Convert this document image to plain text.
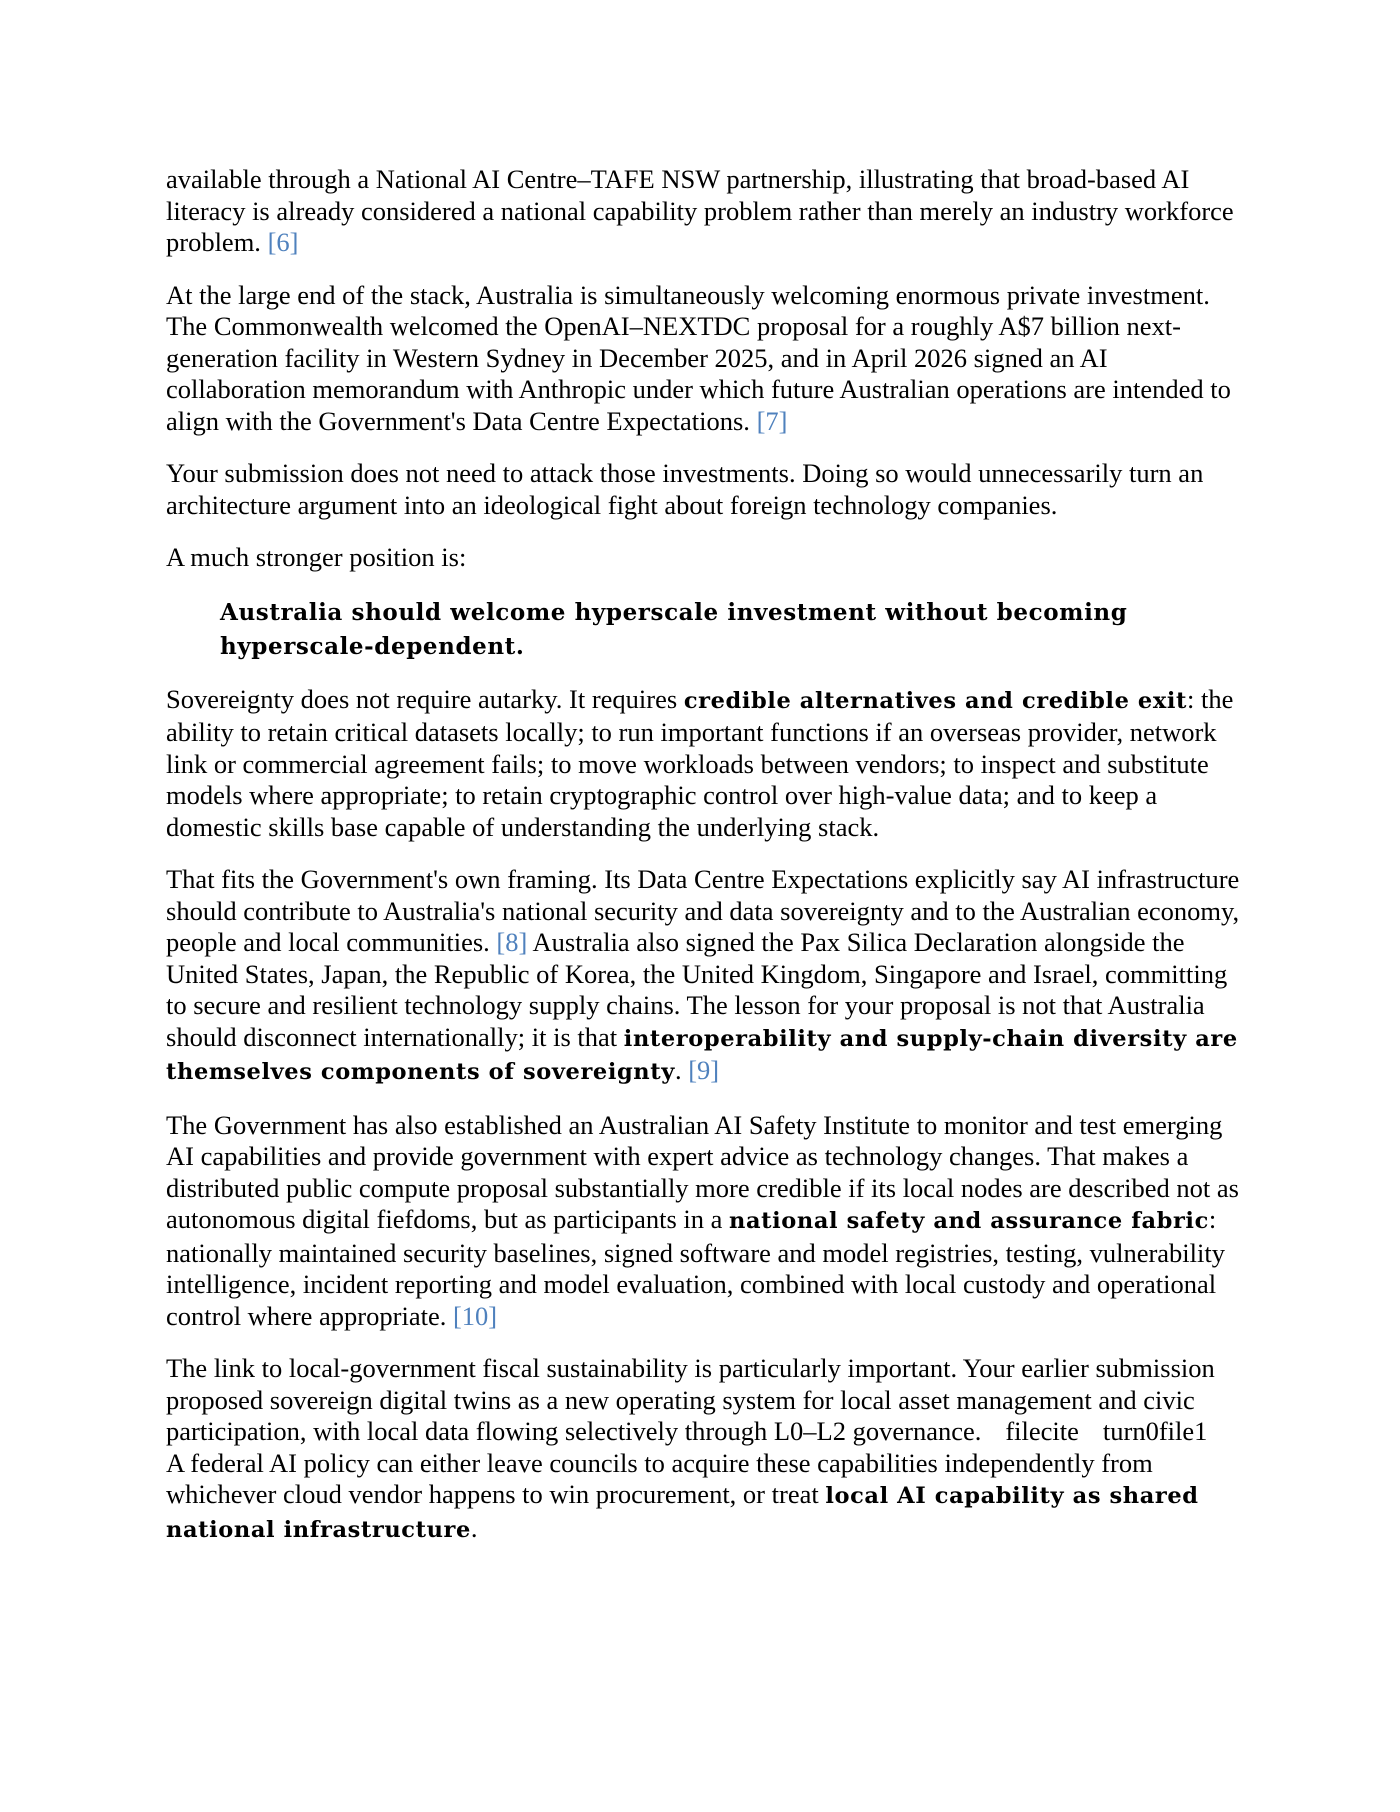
available through a National AI Centre–TAFE NSW partnership, illustrating that broad-based AI literacy is already considered a national capability problem rather than merely an industry workforce problem. [6]

At the large end of the stack, Australia is simultaneously welcoming enormous private investment. The Commonwealth welcomed the OpenAI–NEXTDC proposal for a roughly A$7 billion next-generation facility in Western Sydney in December 2025, and in April 2026 signed an AI collaboration memorandum with Anthropic under which future Australian operations are intended to align with the Government's Data Centre Expectations. [7]

Your submission does not need to attack those investments. Doing so would unnecessarily turn an architecture argument into an ideological fight about foreign technology companies.

A much stronger position is:

Australia should welcome hyperscale investment without becoming hyperscale-dependent.

Sovereignty does not require autarky. It requires credible alternatives and credible exit: the ability to retain critical datasets locally; to run important functions if an overseas provider, network link or commercial agreement fails; to move workloads between vendors; to inspect and substitute models where appropriate; to retain cryptographic control over high-value data; and to keep a domestic skills base capable of understanding the underlying stack.

That fits the Government's own framing. Its Data Centre Expectations explicitly say AI infrastructure should contribute to Australia's national security and data sovereignty and to the Australian economy, people and local communities. [8] Australia also signed the Pax Silica Declaration alongside the United States, Japan, the Republic of Korea, the United Kingdom, Singapore and Israel, committing to secure and resilient technology supply chains. The lesson for your proposal is not that Australia should disconnect internationally; it is that interoperability and supply-chain diversity are themselves components of sovereignty. [9]

The Government has also established an Australian AI Safety Institute to monitor and test emerging AI capabilities and provide government with expert advice as technology changes. That makes a distributed public compute proposal substantially more credible if its local nodes are described not as autonomous digital fiefdoms, but as participants in a national safety and assurance fabric: nationally maintained security baselines, signed software and model registries, testing, vulnerability intelligence, incident reporting and model evaluation, combined with local custody and operational control where appropriate. [10]

The link to local-government fiscal sustainability is particularly important. Your earlier submission proposed sovereign digital twins as a new operating system for local asset management and civic participation, with local data flowing selectively through L0–L2 governance. filecite turn0file1A federal AI policy can either leave councils to acquire these capabilities independently from whichever cloud vendor happens to win procurement, or treat local AI capability as shared national infrastructure.
